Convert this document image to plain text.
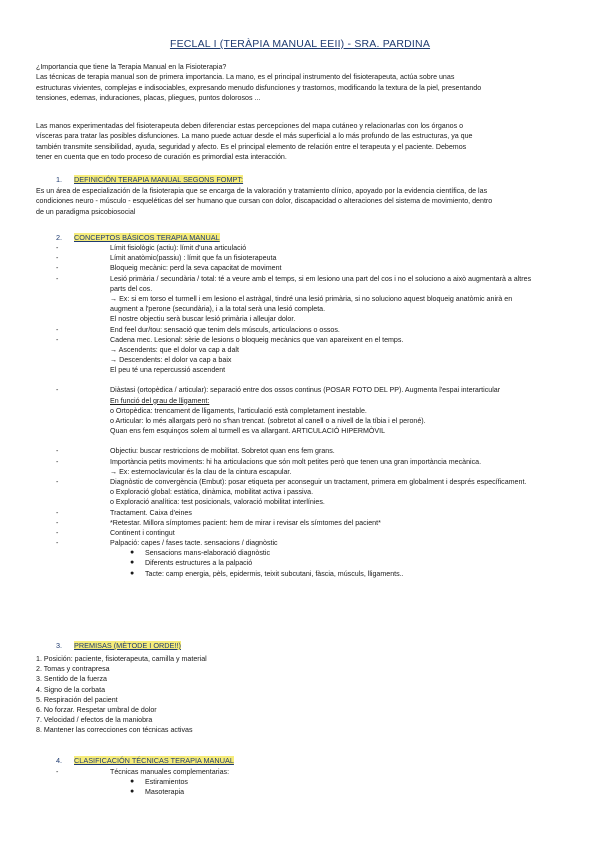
FECLAL I (TERÀPIA MANUAL EEII) - SRA. PARDINA
¿Importancia que tiene la Terapia Manual en la Fisioterapia?
Las técnicas de terapia manual son de primera importancia. La mano, es el principal instrumento del fisioterapeuta, actúa sobre unas
estructuras vivientes, complejas e indisociables, expresando menudo disfunciones y trastornos, modificando la textura de la piel, presentando
tensiones, edemas, induraciones, placas, pliegues, puntos dolorosos ...
Las manos experimentadas del fisioterapeuta deben diferenciar estas percepciones del mapa cutáneo y relacionarlas con los órganos o
vísceras para tratar las posibles disfunciones. La mano puede actuar desde el más superficial a lo más profundo de las estructuras, ya que
también transmite sensibilidad, ayuda, seguridad y afecto. Es el principal elemento de relación entre el terapeuta y el paciente. Debemos
tener en cuenta que en todo proceso de curación es primordial esta interacción.
1. DEFINICIÓN TERAPIA MANUAL SEGONS FOMPT:
Es un área de especialización de la fisioterapia que se encarga de la valoración y tratamiento clínico, apoyado por la evidencia científica, de las
condiciones neuro - músculo - esqueléticas del ser humano que cursan con dolor, discapacidad o alteraciones del sistema de movimiento, dentro
de un paradigma psicobiosocial
2. CONCEPTOS BÁSICOS TERAPIA MANUAL
-	Límit fisiològic (actiu): límit d'una articulació
-	Límit anatòmic(passiu) : límit que fa un fisioterapeuta
-	Bloqueig mecànic: perd la seva capacitat de moviment
-	Lesió primària / secundària / total: té a veure amb el temps, si em lesiono una part del cos i no el soluciono a això augmentarà a altres
parts del cos.
→ Ex: si em torso el turmell i em lesiono el astràgal, tindré una lesió primària, si no soluciono aquest bloqueig anatòmic anirà en
augment a l'perone (secundària), i a la total serà una lesió completa.
El nostre objectiu serà buscar lesió primària i alleujar dolor.
-	End feel dur/tou: sensació que tenim dels músculs, articulacions o ossos.
-	Cadena mec. Lesional: sèrie de lesions o bloqueig mecànics que van apareixent en el temps.
→ Ascendents: que el dolor va cap a dalt
→ Descendents: el dolor va cap a baix
El peu té una repercussió ascendent
-	Diàstasi (ortopèdica / articular): separació entre dos ossos continus (POSAR FOTO DEL PP). Augmenta l'espai interarticular
En funció del grau de lligament:
o Ortopèdica: trencament de lligaments, l'articulació està completament inestable.
o Articular: lo més allargats però no s'han trencat. (sobretot al canell o a nivell de la tíbia i el peroné).
Quan ens fem esquinços solem al turmell es va allargant. ARTICULACIÓ HIPERMÒVIL
-	Objectiu: buscar restriccions de mobilitat. Sobretot quan ens fem grans.
-	Importància petits moviments: hi ha articulacions que són molt petites però que tenen una gran importància mecànica.
→ Ex: esternoclavicular és la clau de la cintura escapular.
-	Diagnòstic de convergència (Embut): posar etiqueta per aconseguir un tractament, primera em globalment i després específicament.
o Exploració global: estàtica, dinàmica, mobilitat activa i passiva.
o Exploració analítica: test posicionals, valoració mobilitat interlínies.
-	Tractament. Caixa d'eines
-	*Retestar. Millora símptomes pacient: hem de mirar i revisar els símtomes del pacient*
-	Continent i contingut
-	Palpació: capes / fases tacte. sensacions / diagnòstic
● Sensacions mans-elaboració diagnòstic
● Diferents estructures a la palpació
● Tacte: camp energia, pèls, epidermis, teixit subcutani, fàscia, músculs, lligaments..
3. PREMISAS (MÈTODE I ORDE!!)
1. Posición: paciente, fisioterapeuta, camilla y material
2. Tomas y contrapresa
3. Sentido de la fuerza
4. Signo de la corbata
5. Respiración del pacient
6. No forzar. Respetar umbral de dolor
7. Velocidad / efectos de la maniobra
8. Mantener las correcciones con técnicas activas
4. CLASIFICACIÓN TÉCNICAS TERAPIA MANUAL
-	Técnicas manuales complementarias:
● Estiramientos
● Masoterapia
